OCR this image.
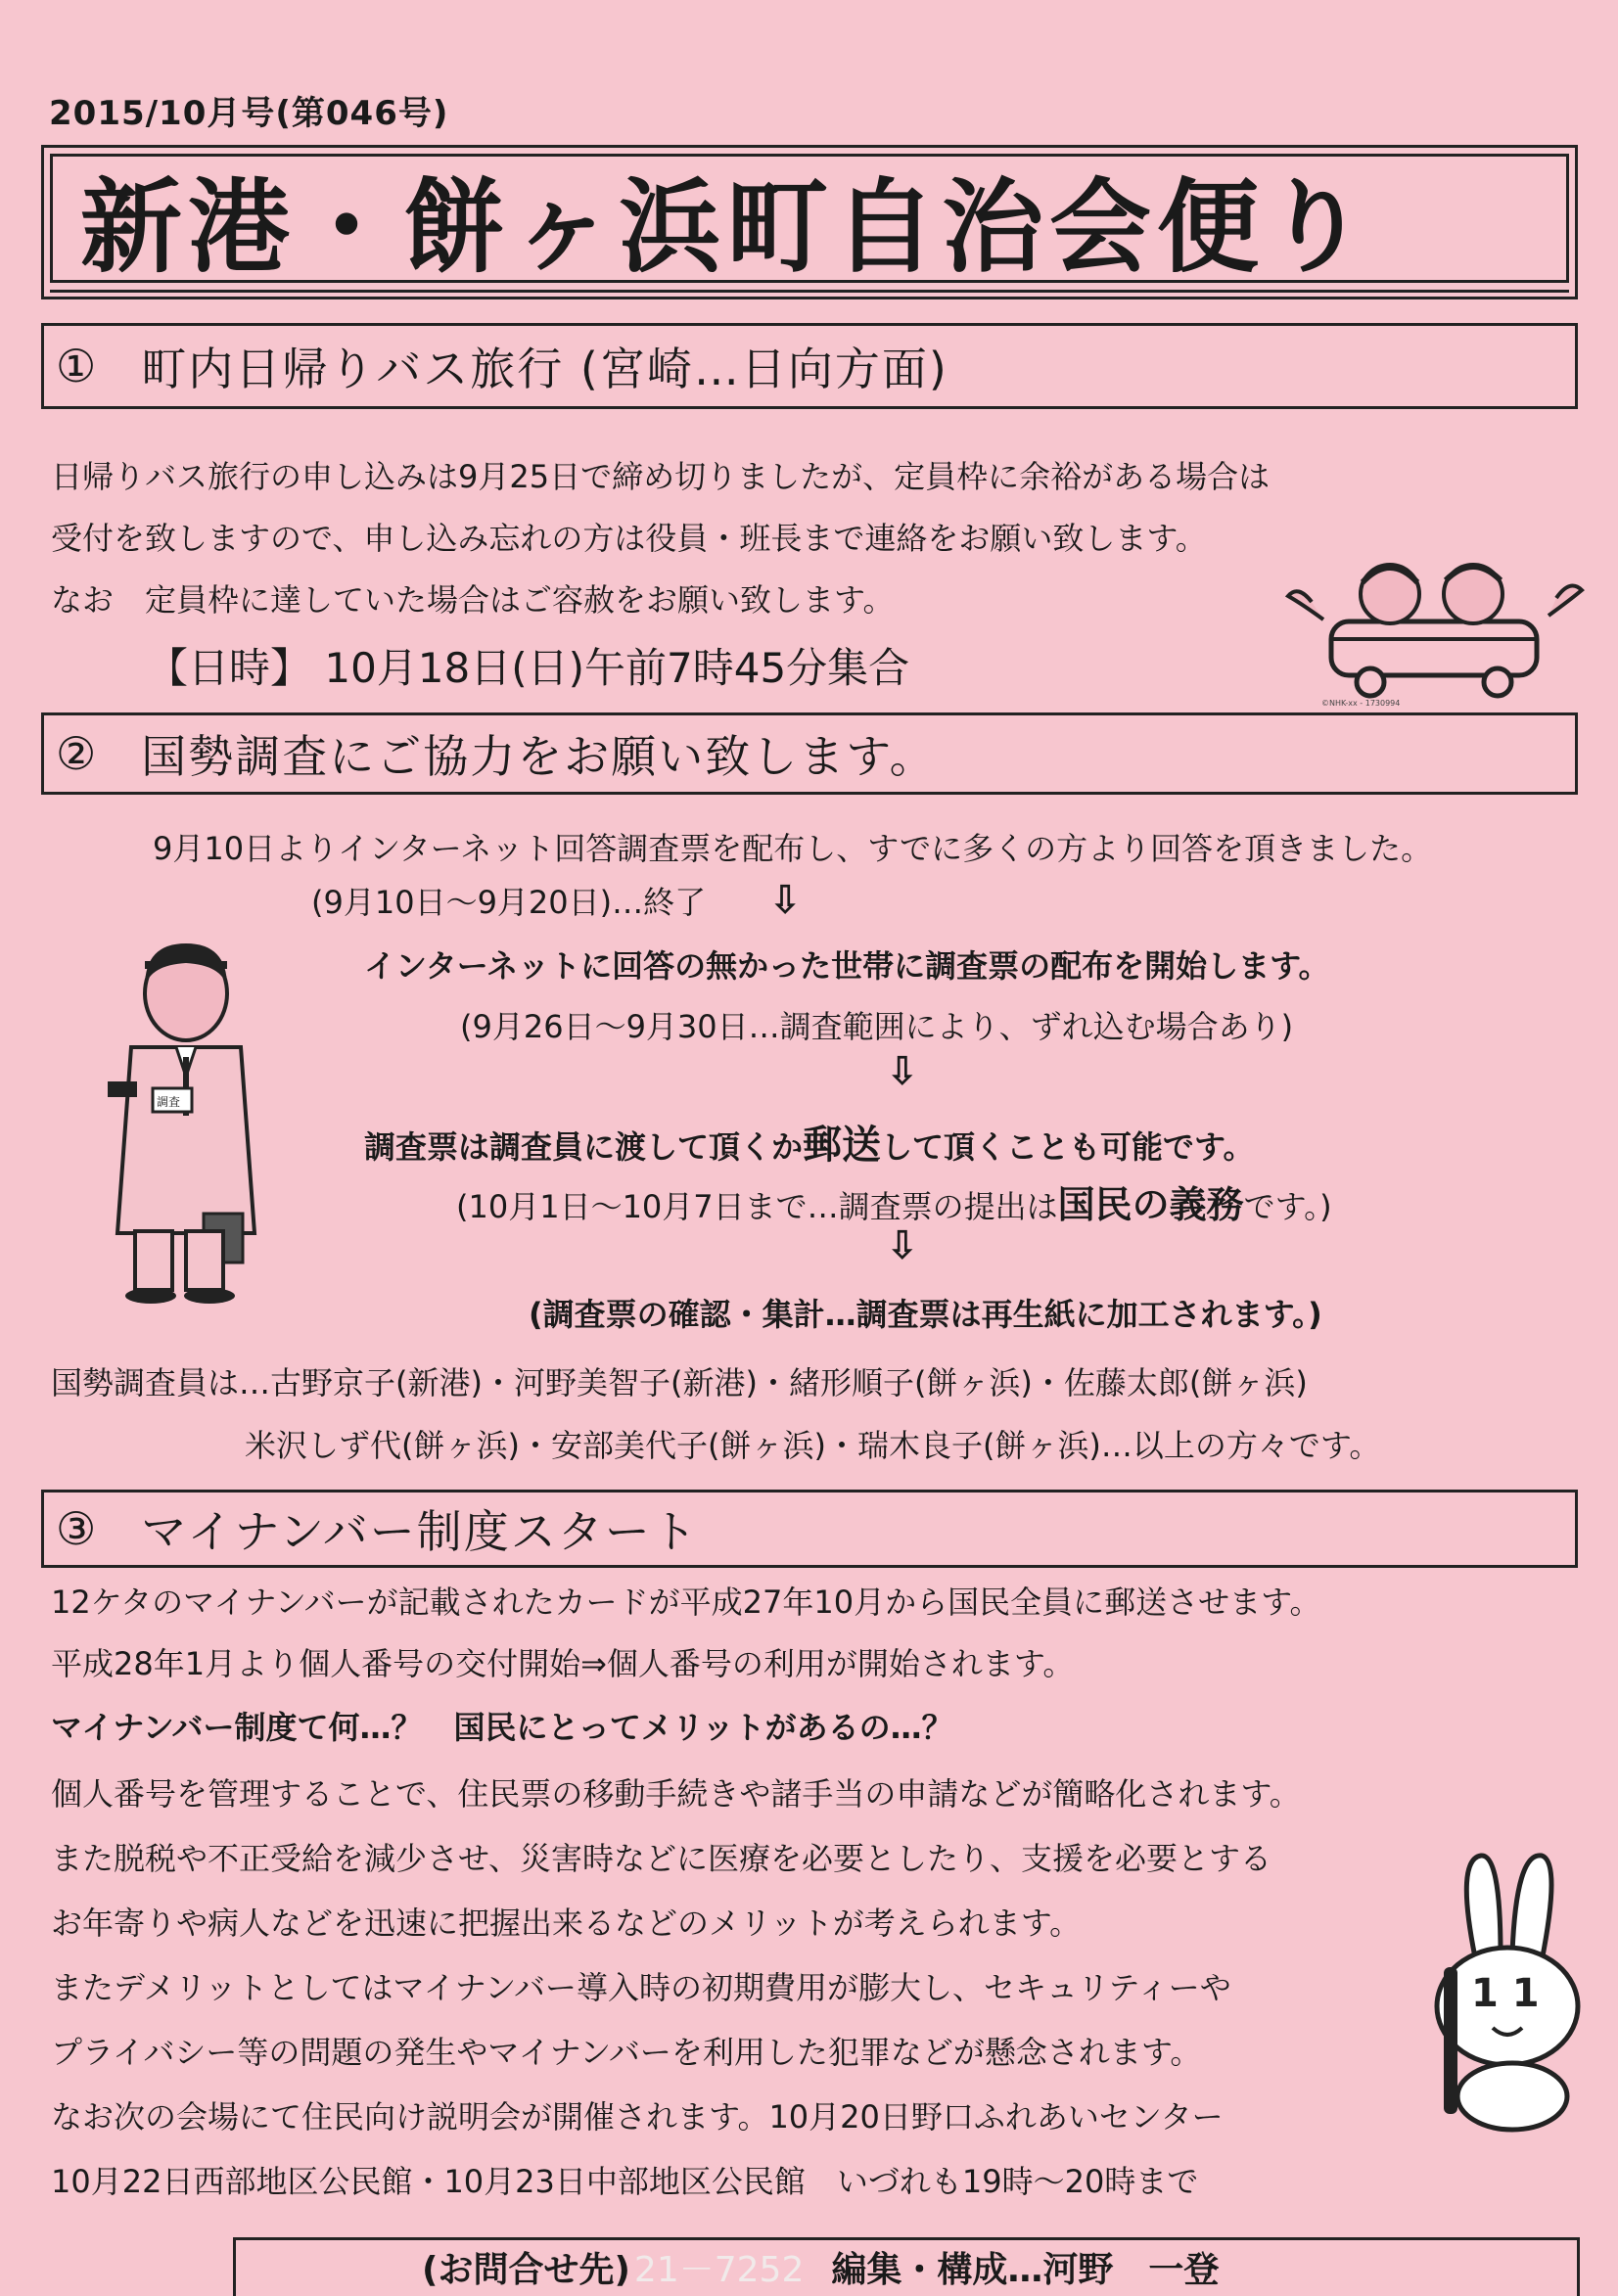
2015/10月号(第046号)
新港・餅ヶ浜町自治会便り
① 町内日帰りバス旅行 (宮崎…日向方面)
日帰りバス旅行の申し込みは9月25日で締め切りましたが、定員枠に余裕がある場合は
受付を致しますので、申し込み忘れの方は役員・班長まで連絡をお願い致します。
なお　定員枠に達していた場合はご容赦をお願い致します。
【日時】 10月18日(日)午前7時45分集合
©NHK-xx - 1730994
② 国勢調査にご協力をお願い致します。
9月10日よりインターネット回答調査票を配布し、すでに多くの方より回答を頂きました。
(9月10日～9月20日)…終了 ⇩
インターネットに回答の無かった世帯に調査票の配布を開始します。
(9月26日～9月30日…調査範囲により、ずれ込む場合あり)
⇩
調査票は調査員に渡して頂くか郵送して頂くことも可能です。
(10月1日～10月7日まで…調査票の提出は国民の義務です。)
⇩
(調査票の確認・集計…調査票は再生紙に加工されます。)
調査
国勢調査員は…古野京子(新港)・河野美智子(新港)・緒形順子(餅ヶ浜)・佐藤太郎(餅ヶ浜)
米沢しず代(餅ヶ浜)・安部美代子(餅ヶ浜)・瑞木良子(餅ヶ浜)…以上の方々です。
③ マイナンバー制度スタート
12ケタのマイナンバーが記載されたカードが平成27年10月から国民全員に郵送させます。
平成28年1月より個人番号の交付開始⇒個人番号の利用が開始されます。
マイナンバー制度て何…？　国民にとってメリットがあるの…？
個人番号を管理することで、住民票の移動手続きや諸手当の申請などが簡略化されます。
また脱税や不正受給を減少させ、災害時などに医療を必要としたり、支援を必要とする
お年寄りや病人などを迅速に把握出来るなどのメリットが考えられます。
またデメリットとしてはマイナンバー導入時の初期費用が膨大し、セキュリティーや
プライバシー等の問題の発生やマイナンバーを利用した犯罪などが懸念されます。
なお次の会場にて住民向け説明会が開催されます。10月20日野口ふれあいセンター
10月22日西部地区公民館・10月23日中部地区公民館　いづれも19時～20時まで
1 1
(お問合せ先) 21－7252 編集・構成…河野　一登
